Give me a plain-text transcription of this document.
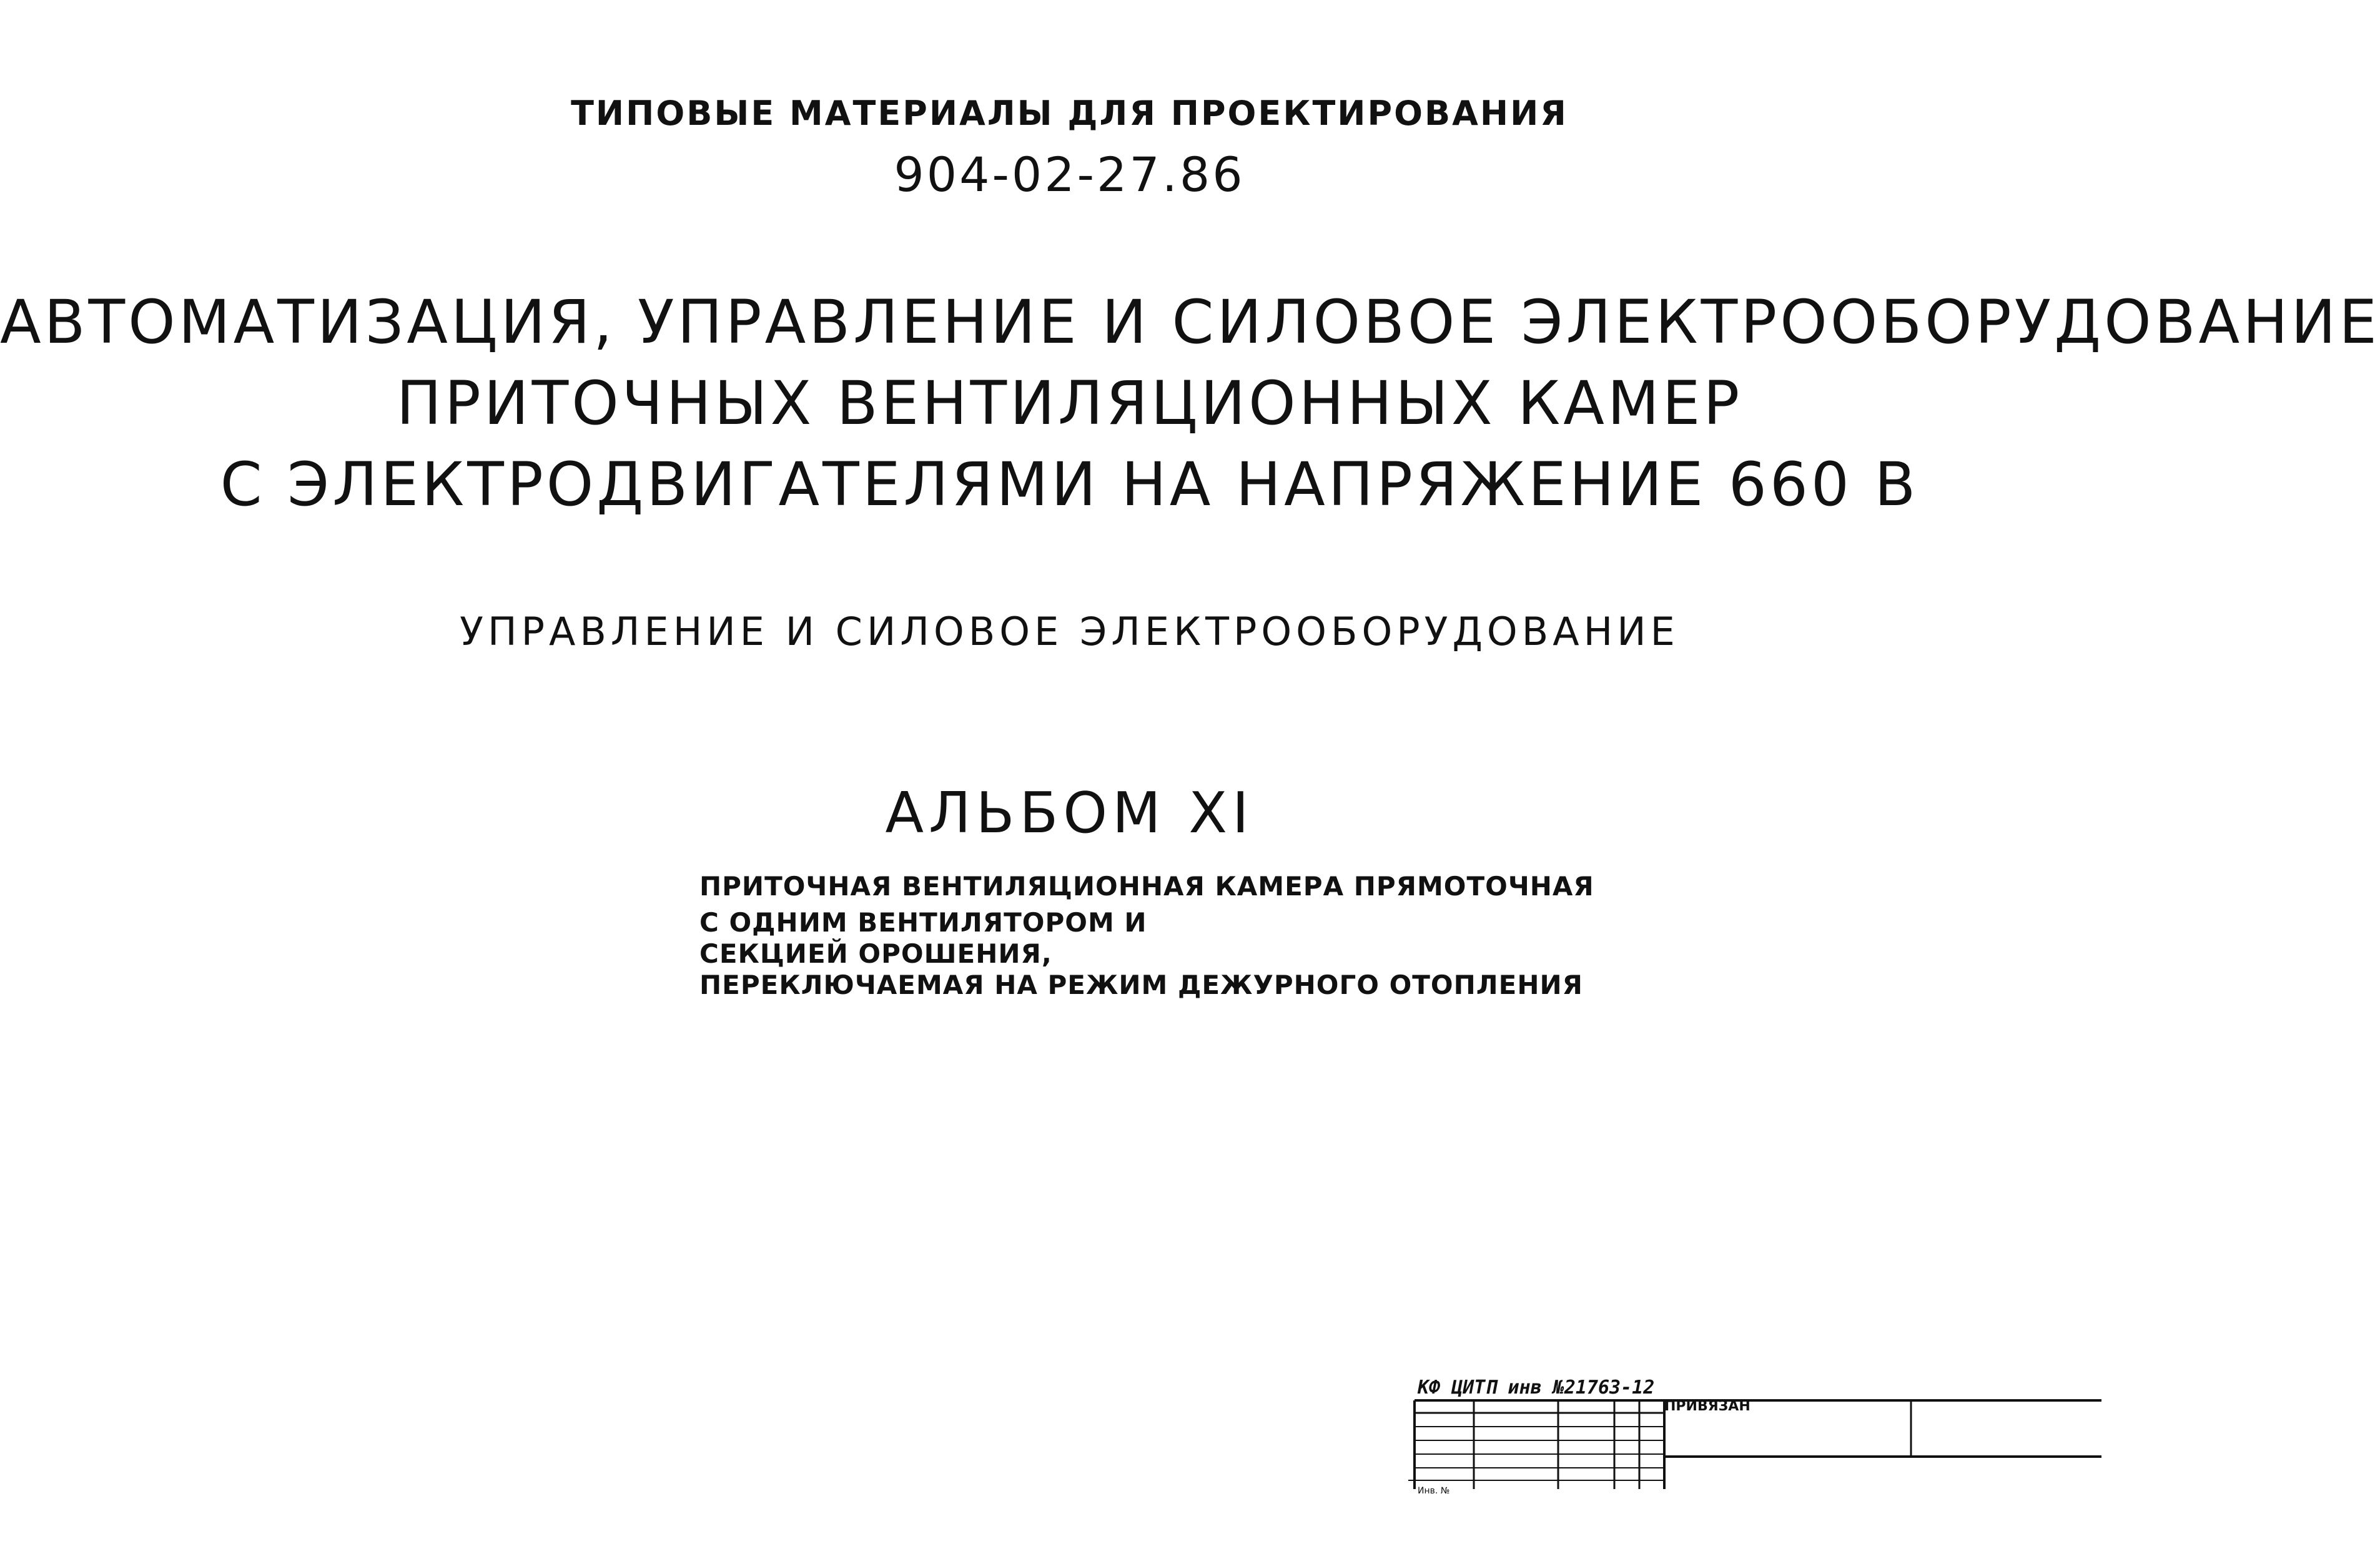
ТИПОВЫЕ МАТЕРИАЛЫ ДЛЯ ПРОЕКТИРОВАНИЯ
904-02-27.86
АВТОМАТИЗАЦИЯ, УПРАВЛЕНИЕ И СИЛОВОЕ ЭЛЕКТРООБОРУДОВАНИЕ
ПРИТОЧНЫХ ВЕНТИЛЯЦИОННЫХ КАМЕР
С ЭЛЕКТРОДВИГАТЕЛЯМИ НА НАПРЯЖЕНИЕ 660 В
УПРАВЛЕНИЕ И СИЛОВОЕ ЭЛЕКТРООБОРУДОВАНИЕ
АЛЬБОМ XI
ПРИТОЧНАЯ ВЕНТИЛЯЦИОННАЯ КАМЕРА ПРЯМОТОЧНАЯ
С ОДНИМ ВЕНТИЛЯТОРОМ И
СЕКЦИЕЙ ОРОШЕНИЯ,
ПЕРЕКЛЮЧАЕМАЯ НА РЕЖИМ ДЕЖУРНОГО ОТОПЛЕНИЯ
КФ ЦИТП инв №21763-12
ПРИВЯЗАН
Инв. №
